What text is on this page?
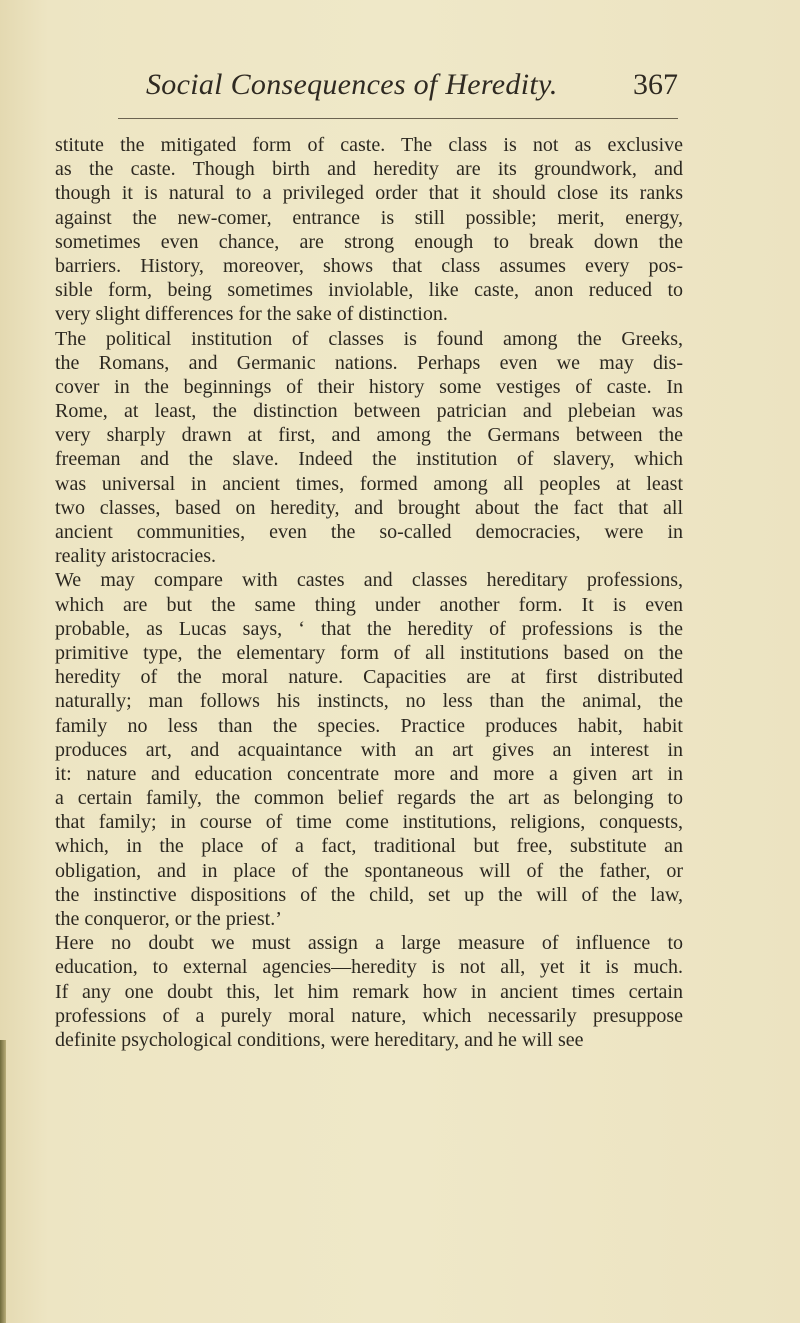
Social Consequences of Heredity.	367
stitute the mitigated form of caste. The class is not as exclusive
as the caste. Though birth and heredity are its groundwork, and
though it is natural to a privileged order that it should close its ranks
against the new-comer, entrance is still possible; merit, energy,
sometimes even chance, are strong enough to break down the
barriers. History, moreover, shows that class assumes every pos-
sible form, being sometimes inviolable, like caste, anon reduced to
very slight differences for the sake of distinction.
The political institution of classes is found among the Greeks,
the Romans, and Germanic nations. Perhaps even we may dis-
cover in the beginnings of their history some vestiges of caste. In
Rome, at least, the distinction between patrician and plebeian was
very sharply drawn at first, and among the Germans between the
freeman and the slave. Indeed the institution of slavery, which
was universal in ancient times, formed among all peoples at least
two classes, based on heredity, and brought about the fact that all
ancient communities, even the so-called democracies, were in
reality aristocracies.
We may compare with castes and classes hereditary professions,
which are but the same thing under another form. It is even
probable, as Lucas says, ‘ that the heredity of professions is the
primitive type, the elementary form of all institutions based on the
heredity of the moral nature. Capacities are at first distributed
naturally; man follows his instincts, no less than the animal, the
family no less than the species. Practice produces habit, habit
produces art, and acquaintance with an art gives an interest in
it: nature and education concentrate more and more a given art in
a certain family, the common belief regards the art as belonging to
that family; in course of time come institutions, religions, conquests,
which, in the place of a fact, traditional but free, substitute an
obligation, and in place of the spontaneous will of the father, or
the instinctive dispositions of the child, set up the will of the law,
the conqueror, or the priest.’
Here no doubt we must assign a large measure of influence to
education, to external agencies—heredity is not all, yet it is much.
If any one doubt this, let him remark how in ancient times certain
professions of a purely moral nature, which necessarily presuppose
definite psychological conditions, were hereditary, and he will see
